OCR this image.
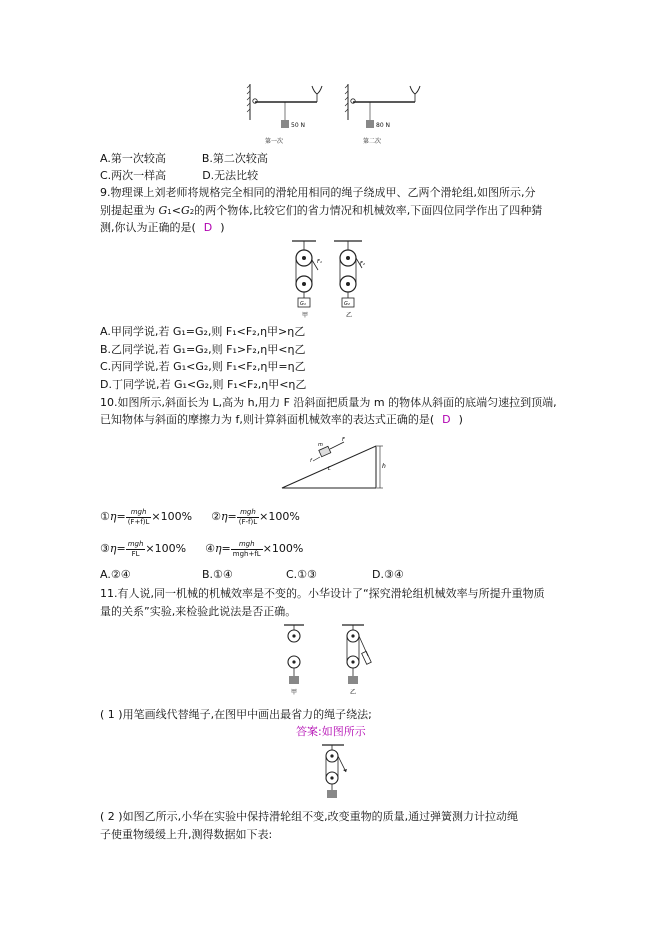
50 N
第一次
80 N
第二次
A.第一次较高	B.第二次较高
C.两次一样高	D.无法比较
9.物理课上刘老师将规格完全相同的滑轮用相同的绳子绕成甲、乙两个滑轮组,如图所示,分
别提起重为 G1<G2的两个物体,比较它们的省力情况和机械效率,下面四位同学作出了四种猜
测,你认为正确的是( D )
F₁
G₁
甲
F₂
G₂
乙
A.甲同学说,若 G₁=G₂,则 F₁<F₂,η甲>η乙
B.乙同学说,若 G₁=G₂,则 F₁>F₂,η甲<η乙
C.丙同学说,若 G₁<G₂,则 F₁<F₂,η甲=η乙
D.丁同学说,若 G₁<G₂,则 F₁<F₂,η甲<η乙
10.如图所示,斜面长为 L,高为 h,用力 F 沿斜面把质量为 m 的物体从斜面的底端匀速拉到顶端,
已知物体与斜面的摩擦力为 f,则计算斜面机械效率的表达式正确的是( D )
h
F
m
L
f
①η= $\frac{\text{mgh}}{(F+f)L} \times 100\%$ ②η= $\frac{\text{mgh}}{(F-f)L} \times 100\%$
③η= $\frac{\text{mgh}}{FL} \times 100\%$ ④η= $\frac{\text{mgh}}{\text{mgh+fL}} \times 100\%$
A.②④	B.①④	C.①③	D.③④
11.有人说,同一机械的机械效率是不变的。小华设计了“探究滑轮组机械效率与所提升重物质
量的关系”实验,来检验此说法是否正确。
甲	乙
( 1 )用笔画线代替绳子,在图甲中画出最省力的绳子绕法;
答案:如图所示
( 2 )如图乙所示,小华在实验中保持滑轮组不变,改变重物的质量,通过弹簧测力计拉动绳
子使重物缓缓上升,测得数据如下表:
